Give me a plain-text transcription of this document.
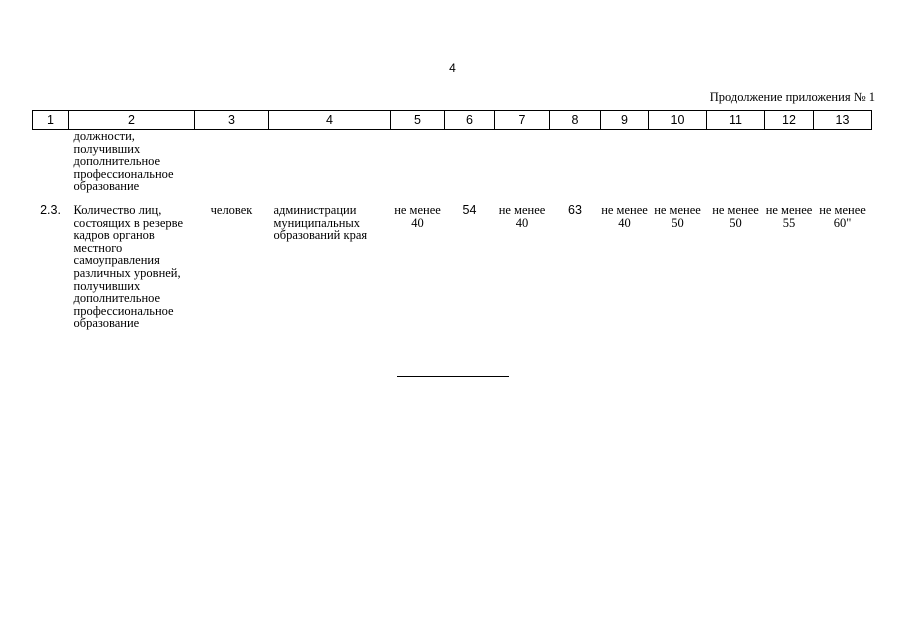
4
Продолжение приложения № 1
1	2	3	4	5	6	7	8	9	10	11	12	13
	должности, получивших дополнительное профессиональное образование											
2.3.	Количество лиц, состоящих в резерве кадров органов местного самоуправления различных уровней, получивших дополнительное профессиональное образование	человек	администрации муниципальных образований края	не менее 40	54	не менее 40	63	не менее 40	не менее 50	не менее 50	не менее 55	не менее 60"
